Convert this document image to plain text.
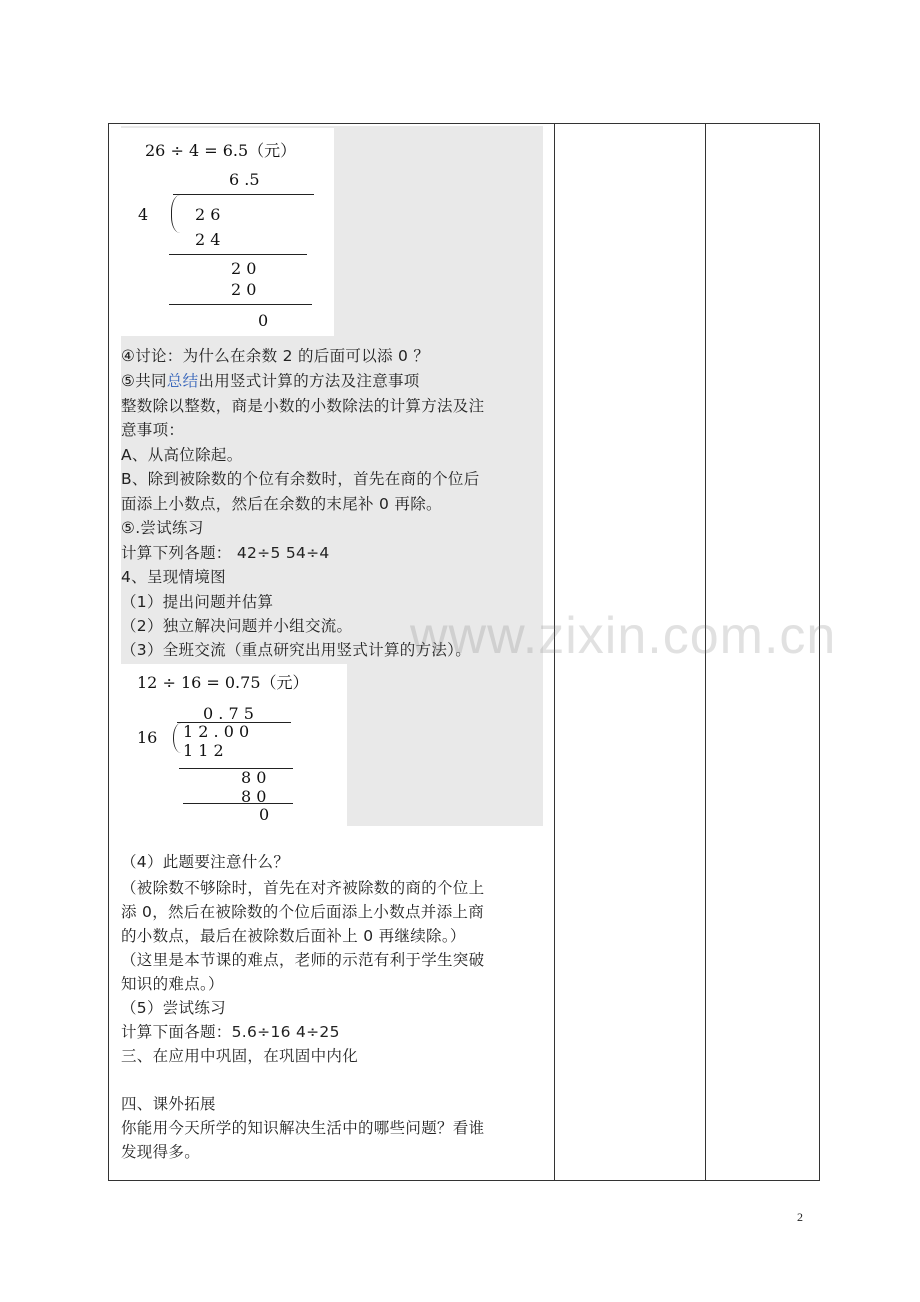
26 ÷ 4 = 6.5（元）
6 .5
4	2 6
2 4
2 0
2 0
0
④讨论：为什么在余数 2 的后面可以添 0 ？
⑤共同总结出用竖式计算的方法及注意事项
整数除以整数，商是小数的小数除法的计算方法及注
意事项：
A、从高位除起。
B、除到被除数的个位有余数时，首先在商的个位后
面添上小数点，然后在余数的末尾补 0 再除。
⑤.尝试练习
计算下列各题： 42÷5 54÷4
4、呈现情境图
（1）提出问题并估算
（2）独立解决问题并小组交流。
（3）全班交流（重点研究出用竖式计算的方法）。
12 ÷ 16 = 0.75（元）
0 . 7 5
16 1 2 . 0 0
1 1 2
8 0
8 0
0
（4）此题要注意什么？
（被除数不够除时，首先在对齐被除数的商的个位上
添 0，然后在被除数的个位后面添上小数点并添上商
的小数点，最后在被除数后面补上 0 再继续除。）
（这里是本节课的难点，老师的示范有利于学生突破
知识的难点。）
（5）尝试练习
计算下面各题：5.6÷16 4÷25
三、在应用中巩固，在巩固中内化
四、课外拓展
你能用今天所学的知识解决生活中的哪些问题？看谁
发现得多。
www.zixin.com.cn
2
